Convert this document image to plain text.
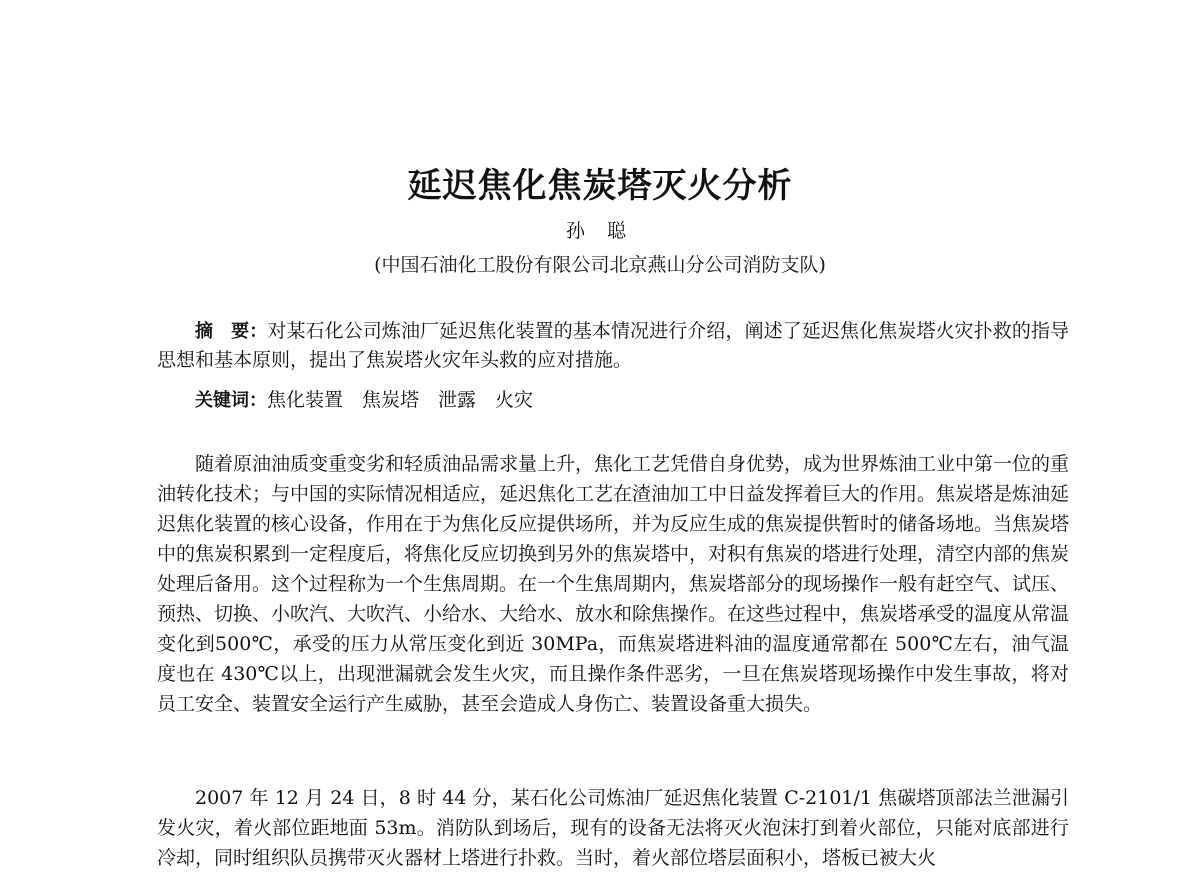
延迟焦化焦炭塔灭火分析
孙 聪
(中国石油化工股份有限公司北京燕山分公司消防支队)

摘　要：对某石化公司炼油厂延迟焦化装置的基本情况进行介绍，阐述了延迟焦化焦炭塔火灾扑救的指导思想和基本原则，提出了焦炭塔火灾年头救的应对措施。

关键词：焦化装置　焦炭塔　泄露　火灾

随着原油油质变重变劣和轻质油品需求量上升，焦化工艺凭借自身优势，成为世界炼油工业中第一位的重油转化技术；与中国的实际情况相适应，延迟焦化工艺在渣油加工中日益发挥着巨大的作用。焦炭塔是炼油延迟焦化装置的核心设备，作用在于为焦化反应提供场所，并为反应生成的焦炭提供暂时的储备场地。当焦炭塔中的焦炭积累到一定程度后，将焦化反应切换到另外的焦炭塔中，对积有焦炭的塔进行处理，清空内部的焦炭处理后备用。这个过程称为一个生焦周期。在一个生焦周期内，焦炭塔部分的现场操作一般有赶空气、试压、预热、切换、小吹汽、大吹汽、小给水、大给水、放水和除焦操作。在这些过程中，焦炭塔承受的温度从常温变化到500℃，承受的压力从常压变化到近 30MPa，而焦炭塔进料油的温度通常都在 500℃左右，油气温度也在 430℃以上，出现泄漏就会发生火灾，而且操作条件恶劣，一旦在焦炭塔现场操作中发生事故，将对员工安全、装置安全运行产生威胁，甚至会造成人身伤亡、装置设备重大损失。

2007 年 12 月 24 日，8 时 44 分，某石化公司炼油厂延迟焦化装置 C-2101/1 焦碳塔顶部法兰泄漏引发火灾，着火部位距地面 53m。消防队到场后，现有的设备无法将灭火泡沫打到着火部位，只能对底部进行冷却，同时组织队员携带灭火器材上塔进行扑救。当时，着火部位塔层面积小，塔板已被大火
